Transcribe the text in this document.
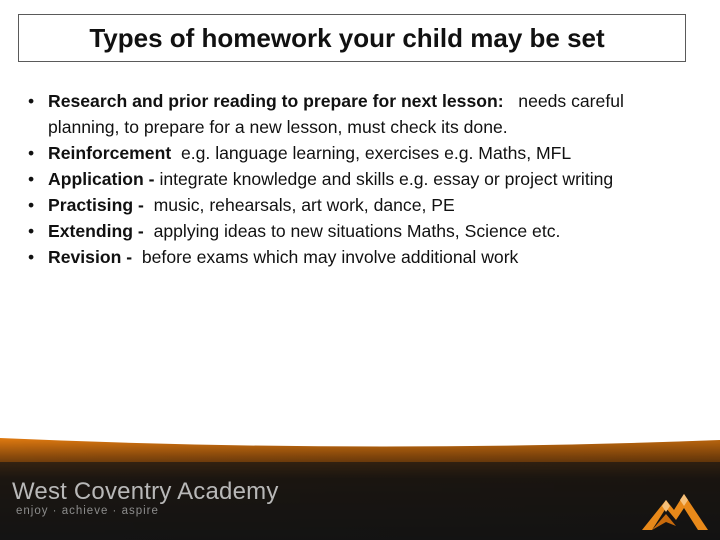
Types of homework your child may be set
• Research and prior reading to prepare for next lesson: needs careful planning, to prepare for a new lesson, must check its done.
• Reinforcement e.g. language learning, exercises e.g. Maths, MFL
• Application - integrate knowledge and skills e.g. essay or project writing
• Practising - music, rehearsals, art work, dance, PE
• Extending - applying ideas to new situations Maths, Science etc.
• Revision - before exams which may involve additional work
West Coventry Academy
enjoy · achieve · aspire
